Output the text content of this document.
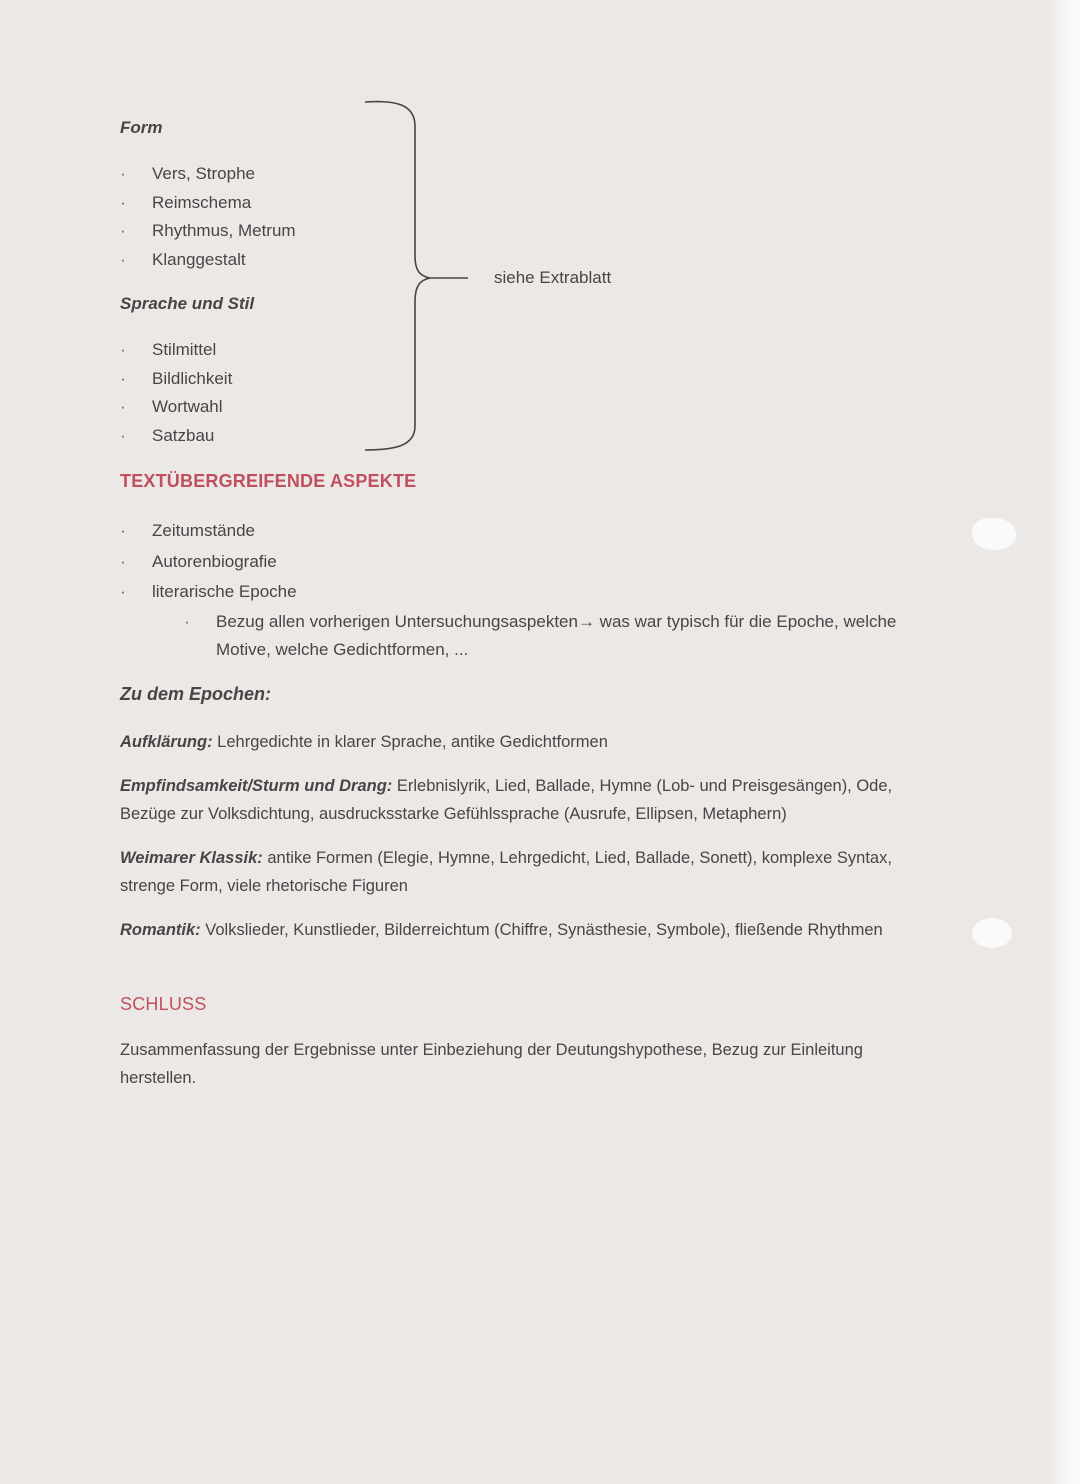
Form
· Vers, Strophe
· Reimschema
· Rhythmus, Metrum
· Klanggestalt
Sprache und Stil
· Stilmittel
· Bildlichkeit
· Wortwahl
· Satzbau
siehe Extrablatt
TEXTÜBERGREIFENDE ASPEKTE
· Zeitumstände
· Autorenbiografie
· literarische Epoche
·	Bezug allen vorherigen Untersuchungsaspekten→ was war typisch für die Epoche, welche Motive, welche Gedichtformen, ...
Zu dem Epochen:
Aufklärung: Lehrgedichte in klarer Sprache, antike Gedichtformen
Empfindsamkeit/Sturm und Drang: Erlebnislyrik, Lied, Ballade, Hymne (Lob- und Preisgesängen), Ode, Bezüge zur Volksdichtung, ausdrucksstarke Gefühlssprache (Ausrufe, Ellipsen, Metaphern)
Weimarer Klassik: antike Formen (Elegie, Hymne, Lehrgedicht, Lied, Ballade, Sonett), komplexe Syntax, strenge Form, viele rhetorische Figuren
Romantik: Volkslieder, Kunstlieder, Bilderreichtum (Chiffre, Synästhesie, Symbole), fließende Rhythmen
SCHLUSS
Zusammenfassung der Ergebnisse unter Einbeziehung der Deutungshypothese, Bezug zur Einleitung herstellen.
